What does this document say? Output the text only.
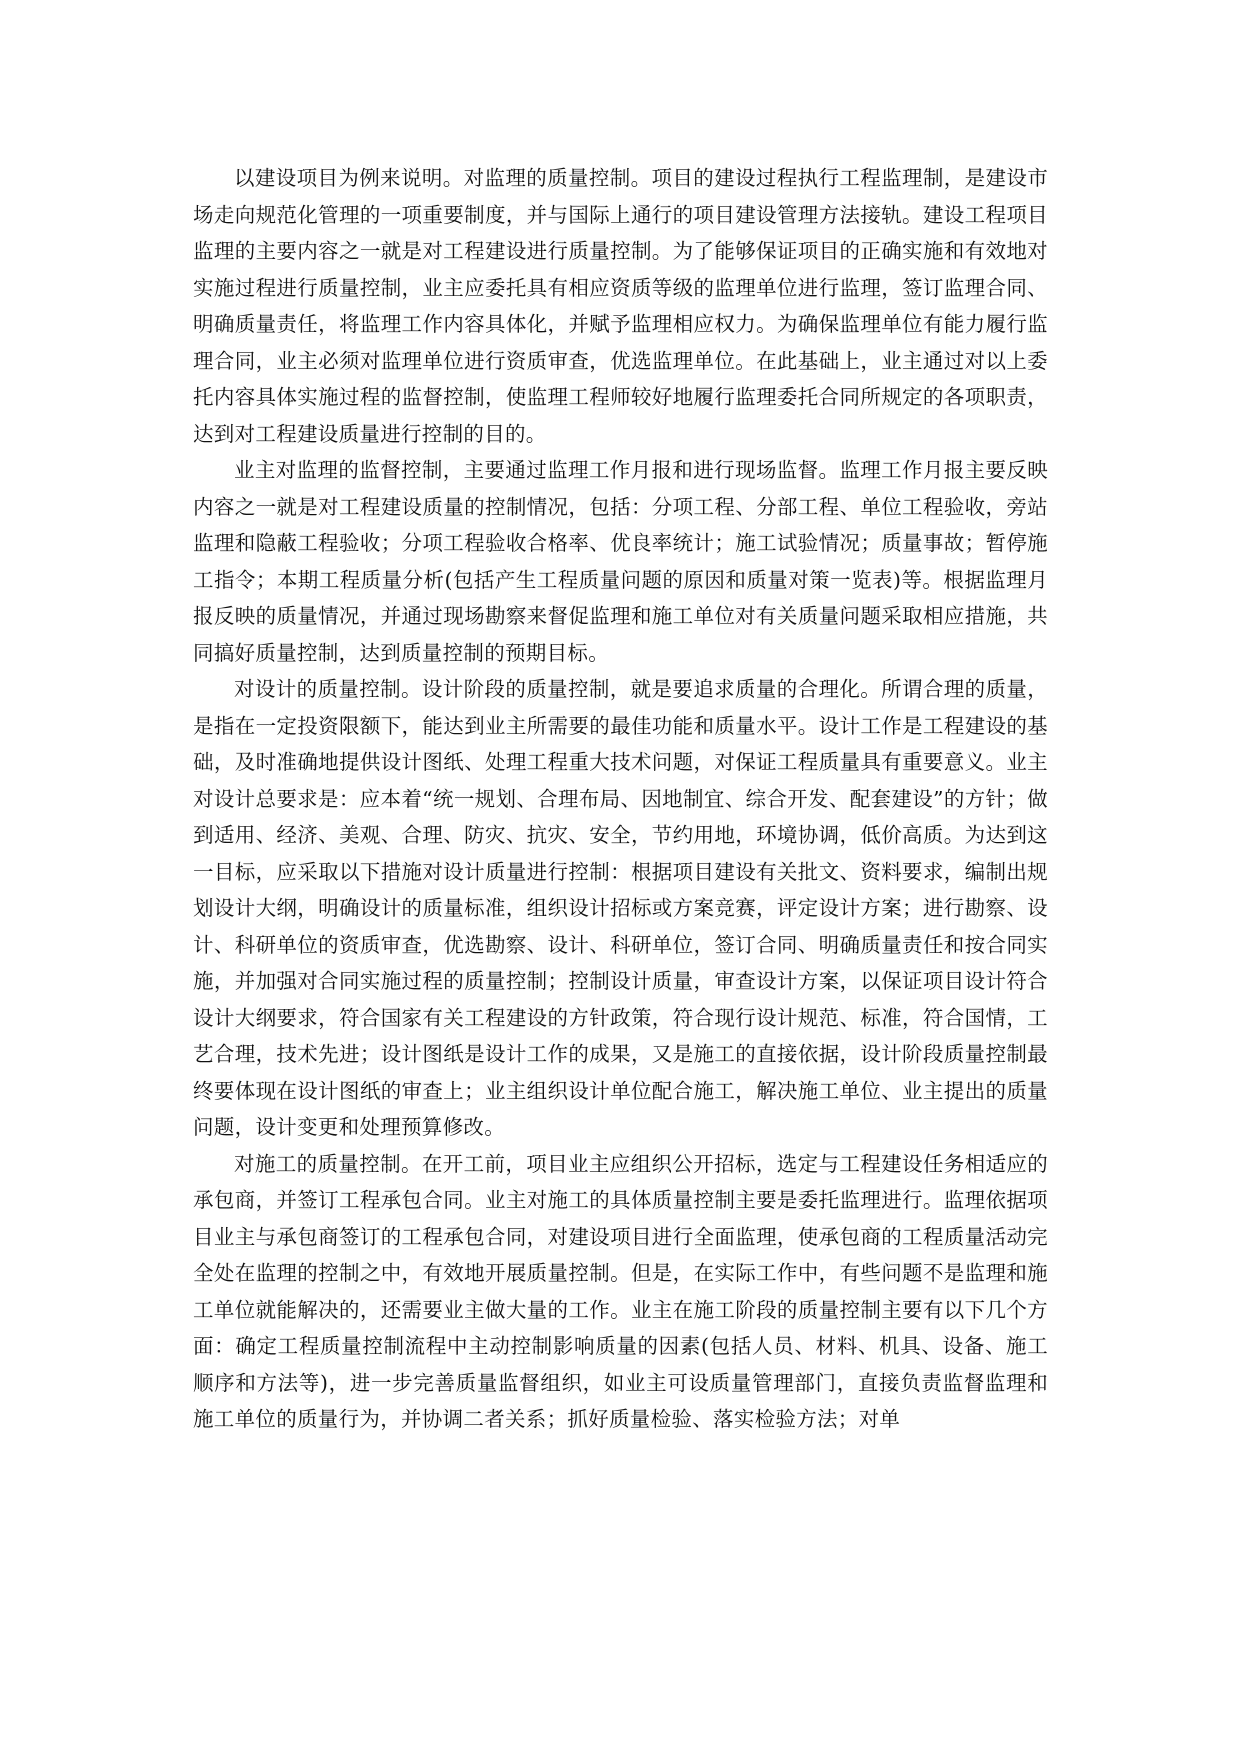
以建设项目为例来说明。对监理的质量控制。项目的建设过程执行工程监理制，是建设市场走向规范化管理的一项重要制度，并与国际上通行的项目建设管理方法接轨。建设工程项目监理的主要内容之一就是对工程建设进行质量控制。为了能够保证项目的正确实施和有效地对实施过程进行质量控制，业主应委托具有相应资质等级的监理单位进行监理，签订监理合同、明确质量责任，将监理工作内容具体化，并赋予监理相应权力。为确保监理单位有能力履行监理合同，业主必须对监理单位进行资质审查，优选监理单位。在此基础上，业主通过对以上委托内容具体实施过程的监督控制，使监理工程师较好地履行监理委托合同所规定的各项职责，达到对工程建设质量进行控制的目的。

业主对监理的监督控制，主要通过监理工作月报和进行现场监督。监理工作月报主要反映内容之一就是对工程建设质量的控制情况，包括：分项工程、分部工程、单位工程验收，旁站监理和隐蔽工程验收；分项工程验收合格率、优良率统计；施工试验情况；质量事故；暂停施工指令；本期工程质量分析(包括产生工程质量问题的原因和质量对策一览表)等。根据监理月报反映的质量情况，并通过现场勘察来督促监理和施工单位对有关质量问题采取相应措施，共同搞好质量控制，达到质量控制的预期目标。

对设计的质量控制。设计阶段的质量控制，就是要追求质量的合理化。所谓合理的质量，是指在一定投资限额下，能达到业主所需要的最佳功能和质量水平。设计工作是工程建设的基础，及时准确地提供设计图纸、处理工程重大技术问题，对保证工程质量具有重要意义。业主对设计总要求是：应本着“统一规划、合理布局、因地制宜、综合开发、配套建设”的方针；做到适用、经济、美观、合理、防灾、抗灾、安全，节约用地，环境协调，低价高质。为达到这一目标，应采取以下措施对设计质量进行控制：根据项目建设有关批文、资料要求，编制出规划设计大纲，明确设计的质量标准，组织设计招标或方案竞赛，评定设计方案；进行勘察、设计、科研单位的资质审查，优选勘察、设计、科研单位，签订合同、明确质量责任和按合同实施，并加强对合同实施过程的质量控制；控制设计质量，审查设计方案，以保证项目设计符合设计大纲要求，符合国家有关工程建设的方针政策，符合现行设计规范、标准，符合国情，工艺合理，技术先进；设计图纸是设计工作的成果，又是施工的直接依据，设计阶段质量控制最终要体现在设计图纸的审查上；业主组织设计单位配合施工，解决施工单位、业主提出的质量问题，设计变更和处理预算修改。

对施工的质量控制。在开工前，项目业主应组织公开招标，选定与工程建设任务相适应的承包商，并签订工程承包合同。业主对施工的具体质量控制主要是委托监理进行。监理依据项目业主与承包商签订的工程承包合同，对建设项目进行全面监理，使承包商的工程质量活动完全处在监理的控制之中，有效地开展质量控制。但是，在实际工作中，有些问题不是监理和施工单位就能解决的，还需要业主做大量的工作。业主在施工阶段的质量控制主要有以下几个方面：确定工程质量控制流程中主动控制影响质量的因素(包括人员、材料、机具、设备、施工顺序和方法等)，进一步完善质量监督组织，如业主可设质量管理部门，直接负责监督监理和施工单位的质量行为，并协调二者关系；抓好质量检验、落实检验方法；对单
